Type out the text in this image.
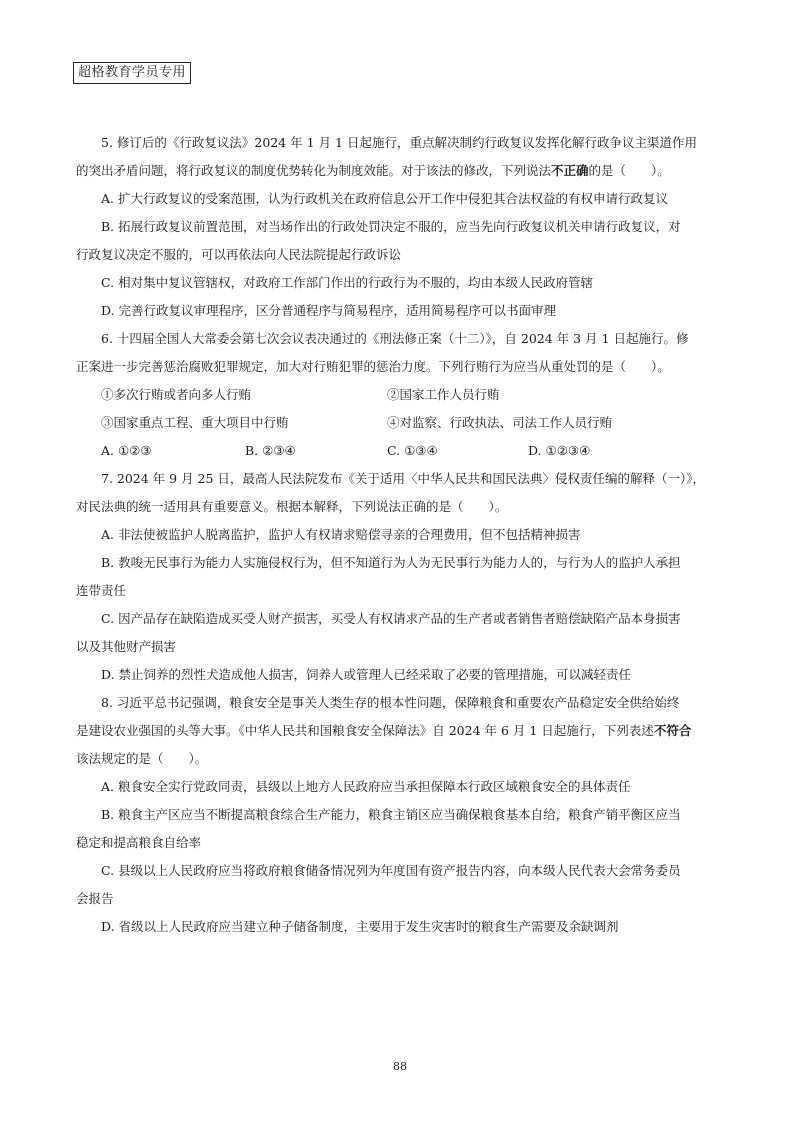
超格教育学员专用
5. 修订后的《行政复议法》2024 年 1 月 1 日起施行，重点解决制约行政复议发挥化解行政争议主渠道作用
的突出矛盾问题，将行政复议的制度优势转化为制度效能。对于该法的修改，下列说法不正确的是（　　）。
A. 扩大行政复议的受案范围，认为行政机关在政府信息公开工作中侵犯其合法权益的有权申请行政复议
B. 拓展行政复议前置范围，对当场作出的行政处罚决定不服的，应当先向行政复议机关申请行政复议，对
行政复议决定不服的，可以再依法向人民法院提起行政诉讼
C. 相对集中复议管辖权，对政府工作部门作出的行政行为不服的，均由本级人民政府管辖
D. 完善行政复议审理程序，区分普通程序与简易程序，适用简易程序可以书面审理
6. 十四届全国人大常委会第七次会议表决通过的《刑法修正案（十二）》，自 2024 年 3 月 1 日起施行。修
正案进一步完善惩治腐败犯罪规定，加大对行贿犯罪的惩治力度。下列行贿行为应当从重处罚的是（　　）。
①多次行贿或者向多人行贿	②国家工作人员行贿
③国家重点工程、重大项目中行贿	④对监察、行政执法、司法工作人员行贿
A. ①②③	B. ②③④	C. ①③④	D. ①②③④
7. 2024 年 9 月 25 日，最高人民法院发布《关于适用〈中华人民共和国民法典〉侵权责任编的解释（一）》，
对民法典的统一适用具有重要意义。根据本解释，下列说法正确的是（　　）。
A. 非法使被监护人脱离监护，监护人有权请求赔偿寻亲的合理费用，但不包括精神损害
B. 教唆无民事行为能力人实施侵权行为，但不知道行为人为无民事行为能力人的，与行为人的监护人承担
连带责任
C. 因产品存在缺陷造成买受人财产损害，买受人有权请求产品的生产者或者销售者赔偿缺陷产品本身损害
以及其他财产损害
D. 禁止饲养的烈性犬造成他人损害，饲养人或管理人已经采取了必要的管理措施，可以减轻责任
8. 习近平总书记强调，粮食安全是事关人类生存的根本性问题，保障粮食和重要农产品稳定安全供给始终
是建设农业强国的头等大事。《中华人民共和国粮食安全保障法》自 2024 年 6 月 1 日起施行，下列表述不符合
该法规定的是（　　）。
A. 粮食安全实行党政同责，县级以上地方人民政府应当承担保障本行政区域粮食安全的具体责任
B. 粮食主产区应当不断提高粮食综合生产能力，粮食主销区应当确保粮食基本自给，粮食产销平衡区应当
稳定和提高粮食自给率
C. 县级以上人民政府应当将政府粮食储备情况列为年度国有资产报告内容，向本级人民代表大会常务委员
会报告
D. 省级以上人民政府应当建立种子储备制度，主要用于发生灾害时的粮食生产需要及余缺调剂
88
